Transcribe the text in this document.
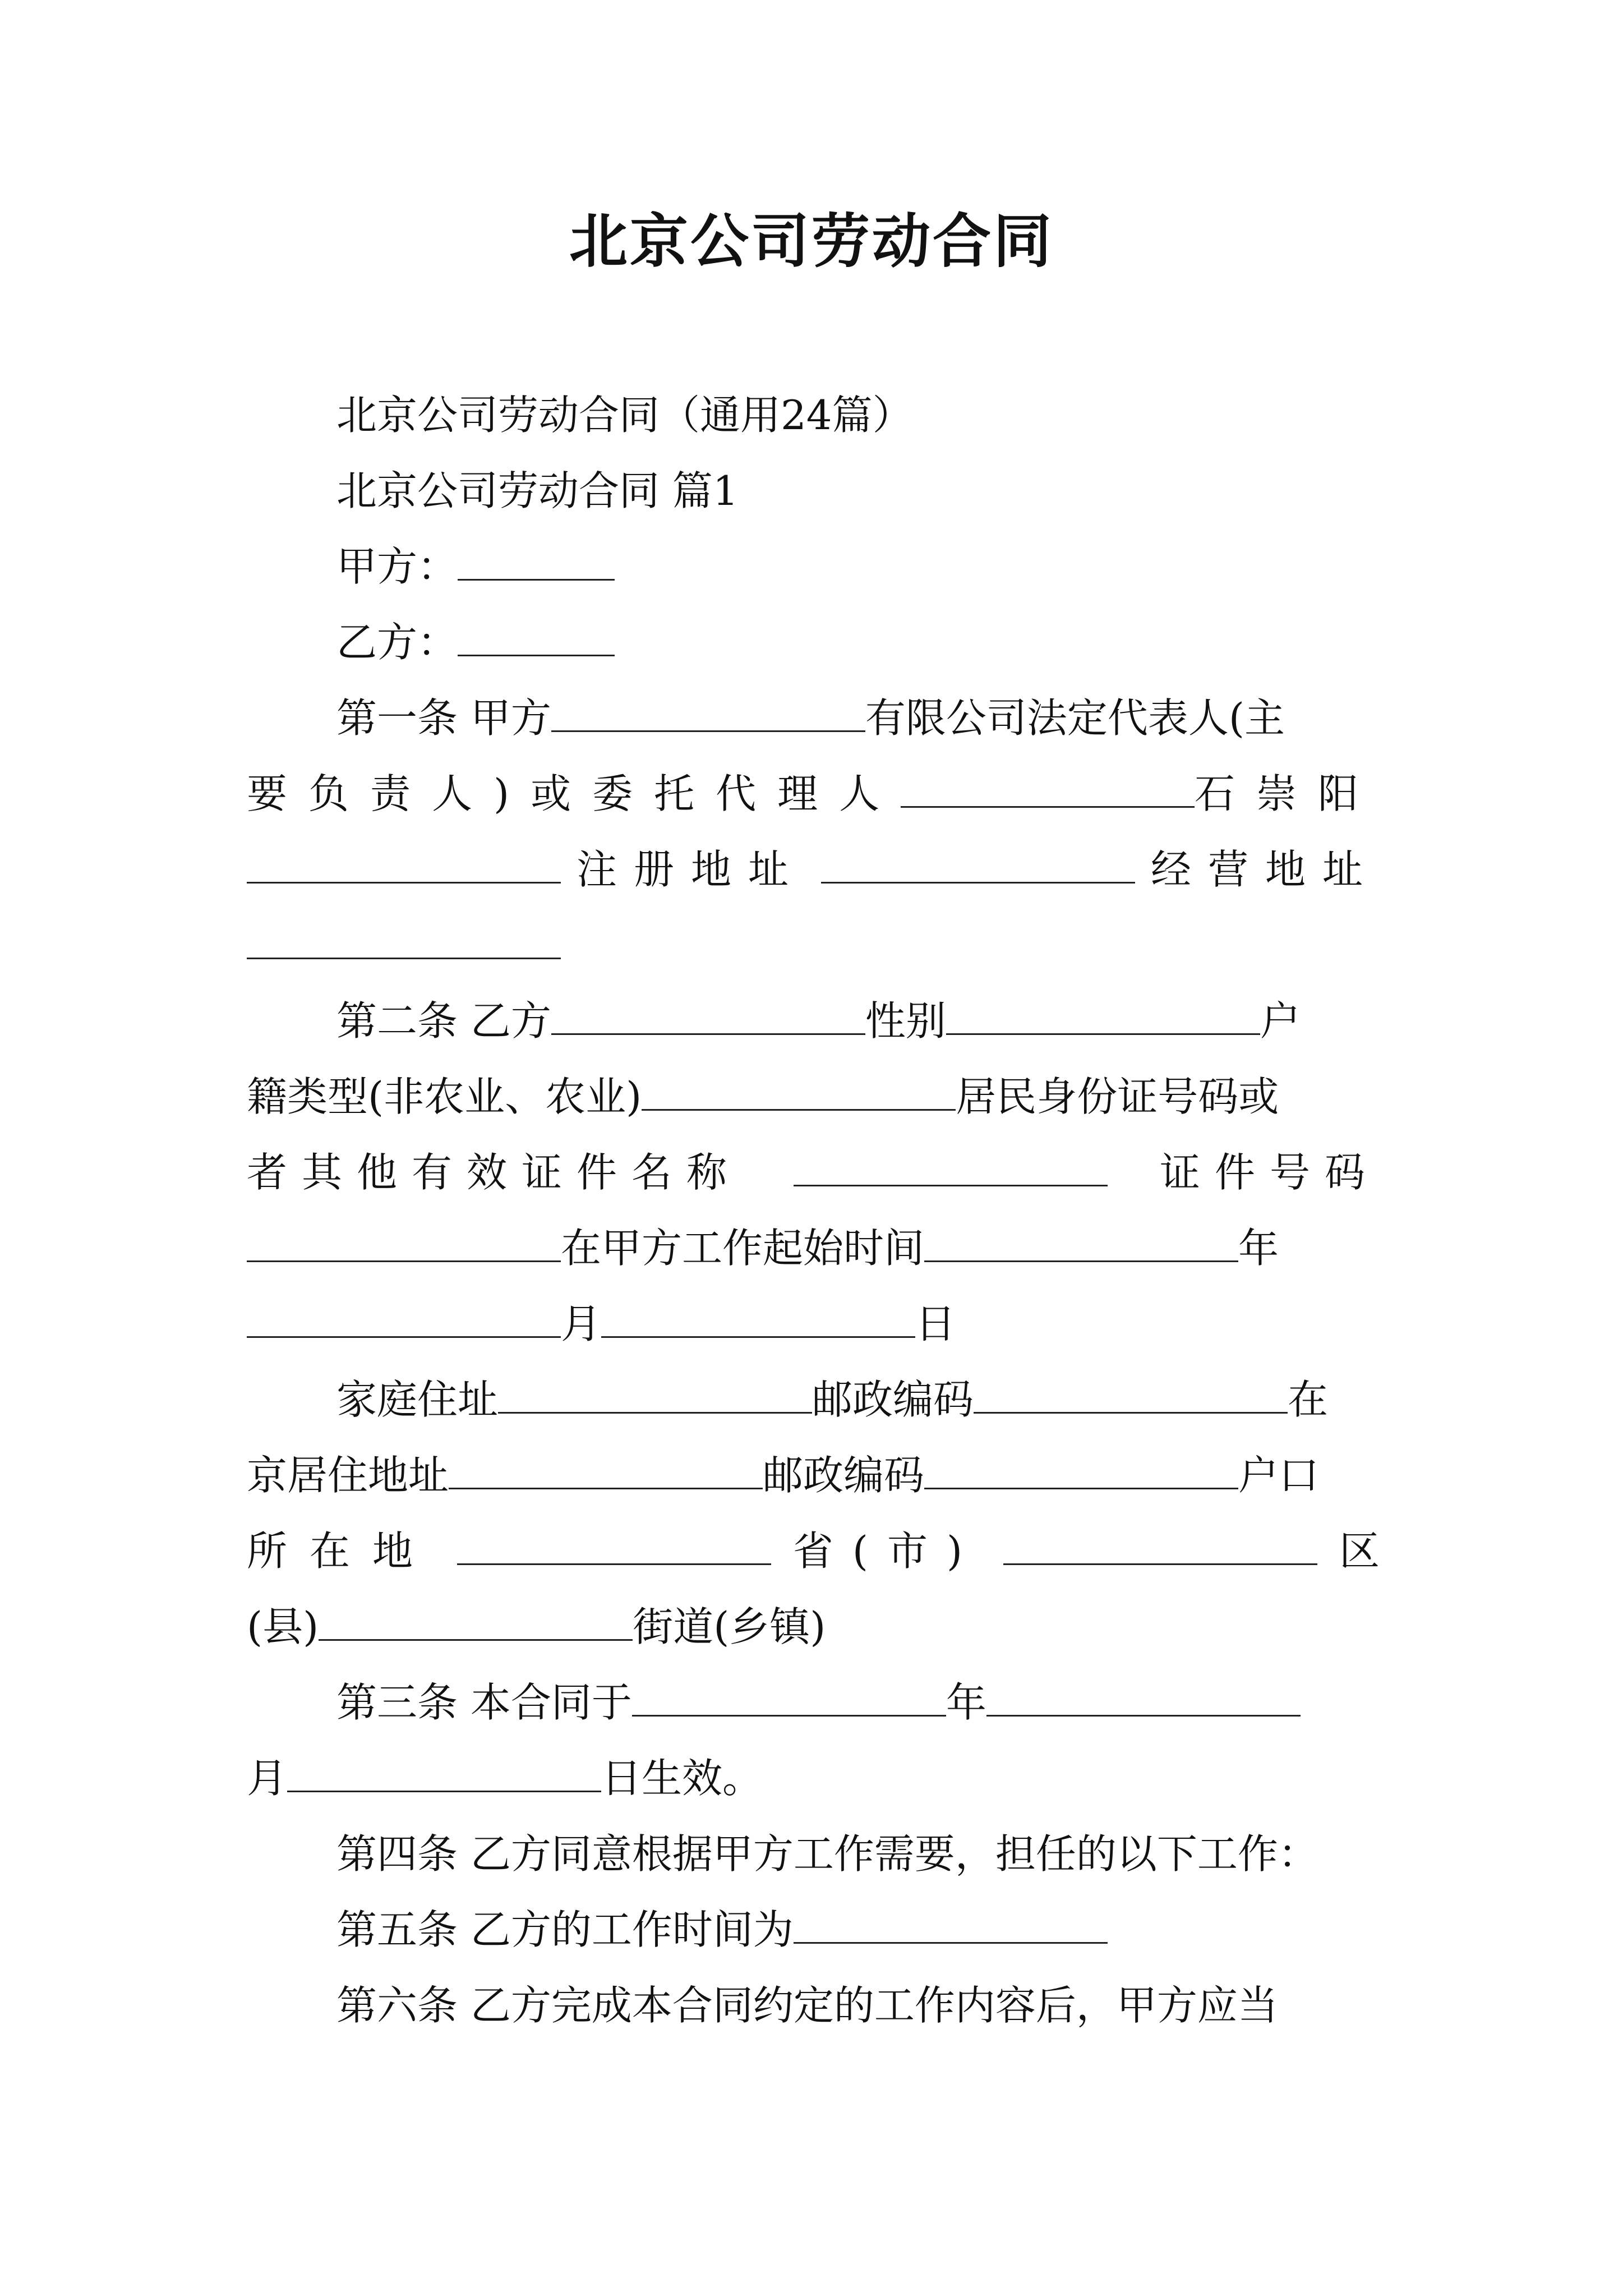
北京公司劳动合同
北京公司劳动合同（通用24篇）
北京公司劳动合同 篇1
甲方：
乙方：
第一条 甲方	有限公司法定代表人(主
要负责人)或委托代理人	石崇阳
注册地址	经营地址
第二条 乙方	性别	户
籍类型(非农业、农业)	居民身份证号码或
者其他有效证件名称	证件号码
在甲方工作起始时间	年
月	日
家庭住址	邮政编码	在
京居住地址	邮政编码	户口
所在地	省(市)	区
(县)	街道(乡镇)
第三条 本合同于	年
月	日生效。
第四条 乙方同意根据甲方工作需要，担任的以下工作：
第五条 乙方的工作时间为
第六条 乙方完成本合同约定的工作内容后，甲方应当
